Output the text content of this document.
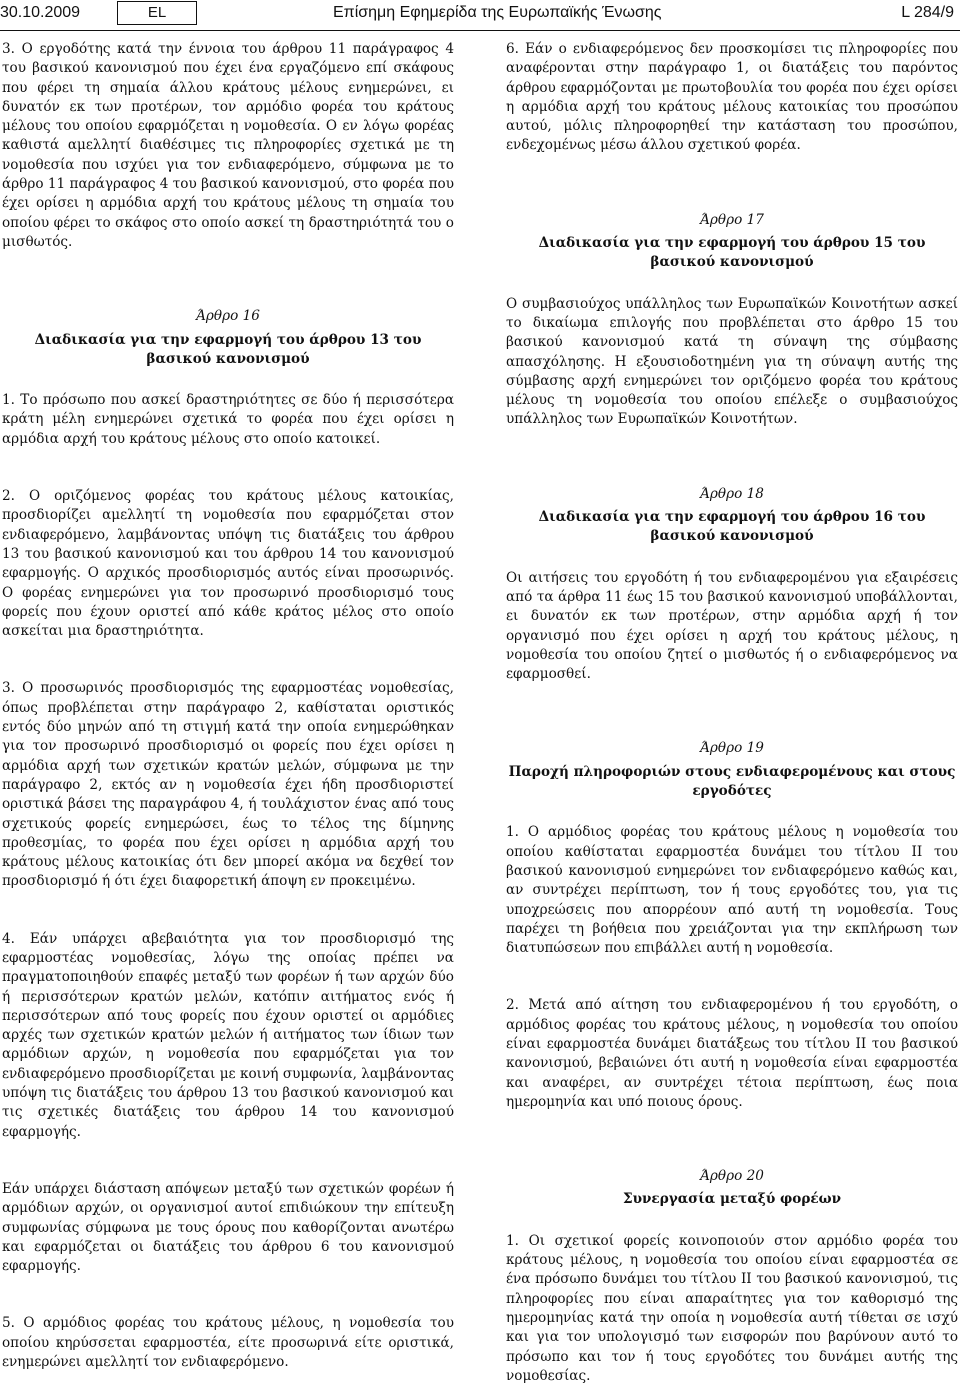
30.10.2009	EL	Επίσημη Εφημερίδα της Ευρωπαϊκής Ένωσης	L 284/9

3. Ο εργοδότης κατά την έννοια του άρθρου 11 παράγραφος 4 του βασικού κανονισμού που έχει ένα εργαζόμενο επί σκάφους που φέρει τη σημαία άλλου κράτους μέλους ενημερώνει, ει δυνατόν εκ των προτέρων, τον αρμόδιο φορέα του κράτους μέλους του οποίου εφαρμόζεται η νομοθεσία. Ο εν λόγω φορέας καθιστά αμελλητί διαθέσιμες τις πληροφορίες σχετικά με τη νομοθεσία που ισχύει για τον ενδιαφερόμενο, σύμφωνα με το άρθρο 11 παράγραφος 4 του βασικού κανονισμού, στο φορέα που έχει ορίσει η αρμόδια αρχή του κράτους μέλους τη σημαία του οποίου φέρει το σκάφος στο οποίο ασκεί τη δραστηριότητά του ο μισθωτός.

Άρθρο 16

Διαδικασία για την εφαρμογή του άρθρου 13 του βασικού κανονισμού

1. Το πρόσωπο που ασκεί δραστηριότητες σε δύο ή περισσότερα κράτη μέλη ενημερώνει σχετικά το φορέα που έχει ορίσει η αρμόδια αρχή του κράτους μέλους στο οποίο κατοικεί.

2. Ο οριζόμενος φορέας του κράτους μέλους κατοικίας, προσδιορίζει αμελλητί τη νομοθεσία που εφαρμόζεται στον ενδιαφερόμενο, λαμβάνοντας υπόψη τις διατάξεις του άρθρου 13 του βασικού κανονισμού και του άρθρου 14 του κανονισμού εφαρμογής. Ο αρχικός προσδιορισμός αυτός είναι προσωρινός. Ο φορέας ενημερώνει για τον προσωρινό προσδιορισμό τους φορείς που έχουν οριστεί από κάθε κράτος μέλος στο οποίο ασκείται μια δραστηριότητα.

3. Ο προσωρινός προσδιορισμός της εφαρμοστέας νομοθεσίας, όπως προβλέπεται στην παράγραφο 2, καθίσταται οριστικός εντός δύο μηνών από τη στιγμή κατά την οποία ενημερώθηκαν για τον προσωρινό προσδιορισμό οι φορείς που έχει ορίσει η αρμόδια αρχή των σχετικών κρατών μελών, σύμφωνα με την παράγραφο 2, εκτός αν η νομοθεσία έχει ήδη προσδιοριστεί οριστικά βάσει της παραγράφου 4, ή τουλάχιστον ένας από τους σχετικούς φορείς ενημερώσει, έως το τέλος της δίμηνης προθεσμίας, το φορέα που έχει ορίσει η αρμόδια αρχή του κράτους μέλους κατοικίας ότι δεν μπορεί ακόμα να δεχθεί τον προσδιορισμό ή ότι έχει διαφορετική άποψη εν προκειμένω.

4. Εάν υπάρχει αβεβαιότητα για τον προσδιορισμό της εφαρμοστέας νομοθεσίας, λόγω της οποίας πρέπει να πραγματοποιηθούν επαφές μεταξύ των φορέων ή των αρχών δύο ή περισσότερων κρατών μελών, κατόπιν αιτήματος ενός ή περισσότερων από τους φορείς που έχουν οριστεί οι αρμόδιες αρχές των σχετικών κρατών μελών ή αιτήματος των ίδιων των αρμόδιων αρχών, η νομοθεσία που εφαρμόζεται για τον ενδιαφερόμενο προσδιορίζεται με κοινή συμφωνία, λαμβάνοντας υπόψη τις διατάξεις του άρθρου 13 του βασικού κανονισμού και τις σχετικές διατάξεις του άρθρου 14 του κανονισμού εφαρμογής.

Εάν υπάρχει διάσταση απόψεων μεταξύ των σχετικών φορέων ή αρμόδιων αρχών, οι οργανισμοί αυτοί επιδιώκουν την επίτευξη συμφωνίας σύμφωνα με τους όρους που καθορίζονται ανωτέρω και εφαρμόζεται οι διατάξεις του άρθρου 6 του κανονισμού εφαρμογής.

5. Ο αρμόδιος φορέας του κράτους μέλους, η νομοθεσία του οποίου κηρύσσεται εφαρμοστέα, είτε προσωρινά είτε οριστικά, ενημερώνει αμελλητί τον ενδιαφερόμενο.

6. Εάν ο ενδιαφερόμενος δεν προσκομίσει τις πληροφορίες που αναφέρονται στην παράγραφο 1, οι διατάξεις του παρόντος άρθρου εφαρμόζονται με πρωτοβουλία του φορέα που έχει ορίσει η αρμόδια αρχή του κράτους μέλους κατοικίας του προσώπου αυτού, μόλις πληροφορηθεί την κατάσταση του προσώπου, ενδεχομένως μέσω άλλου σχετικού φορέα.

Άρθρο 17

Διαδικασία για την εφαρμογή του άρθρου 15 του βασικού κανονισμού

Ο συμβασιούχος υπάλληλος των Ευρωπαϊκών Κοινοτήτων ασκεί το δικαίωμα επιλογής που προβλέπεται στο άρθρο 15 του βασικού κανονισμού κατά τη σύναψη της σύμβασης απασχόλησης. Η εξουσιοδοτημένη για τη σύναψη αυτής της σύμβασης αρχή ενημερώνει τον οριζόμενο φορέα του κράτους μέλους τη νομοθεσία του οποίου επέλεξε ο συμβασιούχος υπάλληλος των Ευρωπαϊκών Κοινοτήτων.

Άρθρο 18

Διαδικασία για την εφαρμογή του άρθρου 16 του βασικού κανονισμού

Οι αιτήσεις του εργοδότη ή του ενδιαφερομένου για εξαιρέσεις από τα άρθρα 11 έως 15 του βασικού κανονισμού υποβάλλονται, ει δυνατόν εκ των προτέρων, στην αρμόδια αρχή ή τον οργανισμό που έχει ορίσει η αρχή του κράτους μέλους, η νομοθεσία του οποίου ζητεί ο μισθωτός ή ο ενδιαφερόμενος να εφαρμοσθεί.

Άρθρο 19

Παροχή πληροφοριών στους ενδιαφερομένους και στους εργοδότες

1. Ο αρμόδιος φορέας του κράτους μέλους η νομοθεσία του οποίου καθίσταται εφαρμοστέα δυνάμει του τίτλου II του βασικού κανονισμού ενημερώνει τον ενδιαφερόμενο καθώς και, αν συντρέχει περίπτωση, τον ή τους εργοδότες του, για τις υποχρεώσεις που απορρέουν από αυτή τη νομοθεσία. Τους παρέχει τη βοήθεια που χρειάζονται για την εκπλήρωση των διατυπώσεων που επιβάλλει αυτή η νομοθεσία.

2. Μετά από αίτηση του ενδιαφερομένου ή του εργοδότη, ο αρμόδιος φορέας του κράτους μέλους, η νομοθεσία του οποίου είναι εφαρμοστέα δυνάμει διατάξεως του τίτλου II του βασικού κανονισμού, βεβαιώνει ότι αυτή η νομοθεσία είναι εφαρμοστέα και αναφέρει, αν συντρέχει τέτοια περίπτωση, έως ποια ημερομηνία και υπό ποιους όρους.

Άρθρο 20

Συνεργασία μεταξύ φορέων

1. Οι σχετικοί φορείς κοινοποιούν στον αρμόδιο φορέα του κράτους μέλους, η νομοθεσία του οποίου είναι εφαρμοστέα σε ένα πρόσωπο δυνάμει του τίτλου II του βασικού κανονισμού, τις πληροφορίες που είναι απαραίτητες για τον καθορισμό της ημερομηνίας κατά την οποία η νομοθεσία αυτή τίθεται σε ισχύ και για τον υπολογισμό των εισφορών που βαρύνουν αυτό το πρόσωπο και τον ή τους εργοδότες του δυνάμει αυτής της νομοθεσίας.
